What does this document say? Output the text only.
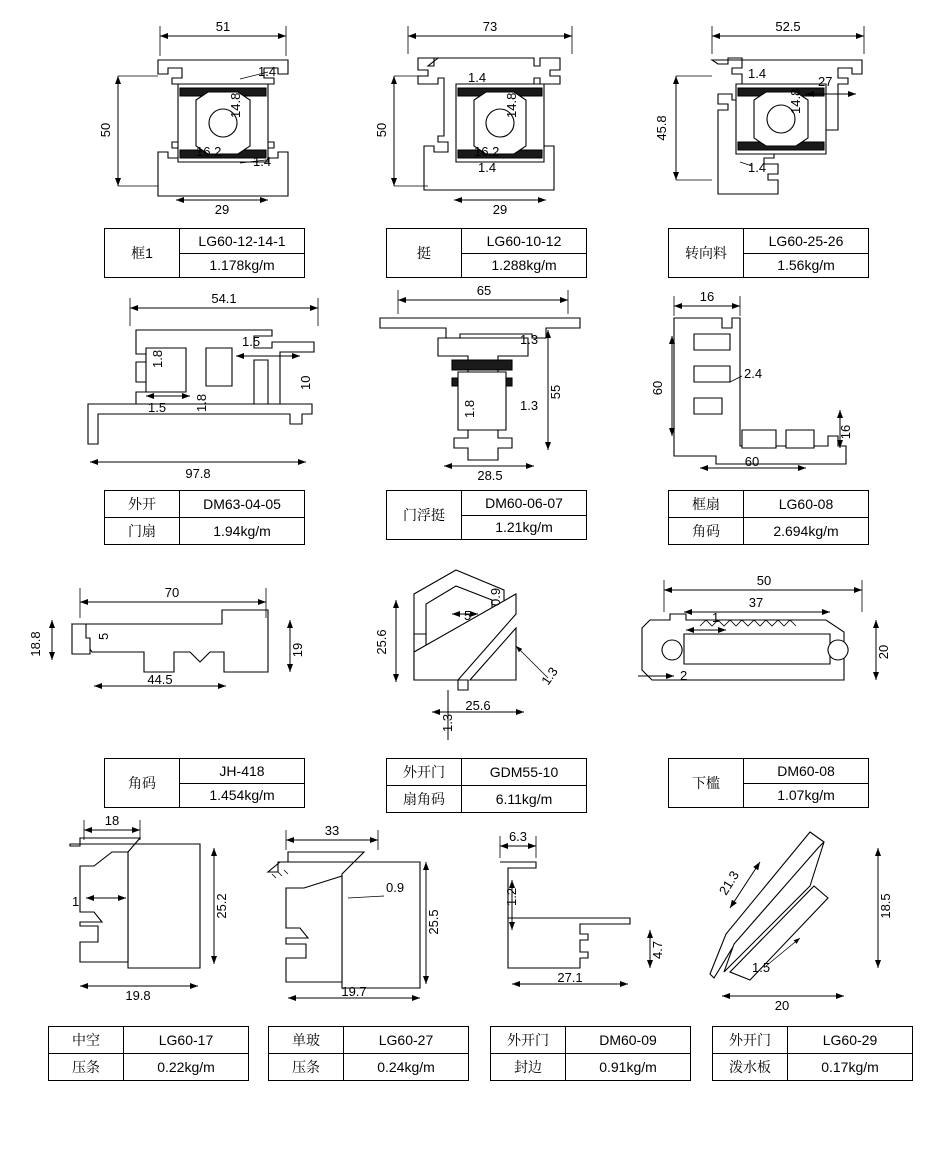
51
50
29
1.4
14.8
16.2
1.4
73
50
29
1.4
14.8
16.2
1.4
52.5
45.8
1.4
27
14.8
1.4
54.1
97.8
1.8
1.5
10
1.5 1.8
65
55
28.5
1.3
1.3
1.8
16
60
60
2.4
16
70
18.8	5
44.5
19	25.6
25.6
5
0.9
1.3
1.3
50
37
1
2
20
18
25.2
19.8
1
33
25.5
19.7
0.9
6.3
1.2
27.1
4.7
21.3
18.5
1.5
20
框1	LG60-12-14-1
1.178kg/m
挺	LG60-10-12
1.288kg/m
转向料	LG60-25-26
1.56kg/m
外开	DM63-04-05
门扇	1.94kg/m
门浮挺	DM60-06-07
1.21kg/m
框扇	LG60-08
角码	2.694kg/m
角码	JH-418
1.454kg/m
外开门	GDM55-10
扇角码	6.11kg/m
下槛	DM60-08
1.07kg/m
中空	LG60-17
压条	0.22kg/m
单玻	LG60-27
压条	0.24kg/m
外开门	DM60-09
封边	0.91kg/m
外开门	LG60-29
泼水板	0.17kg/m
